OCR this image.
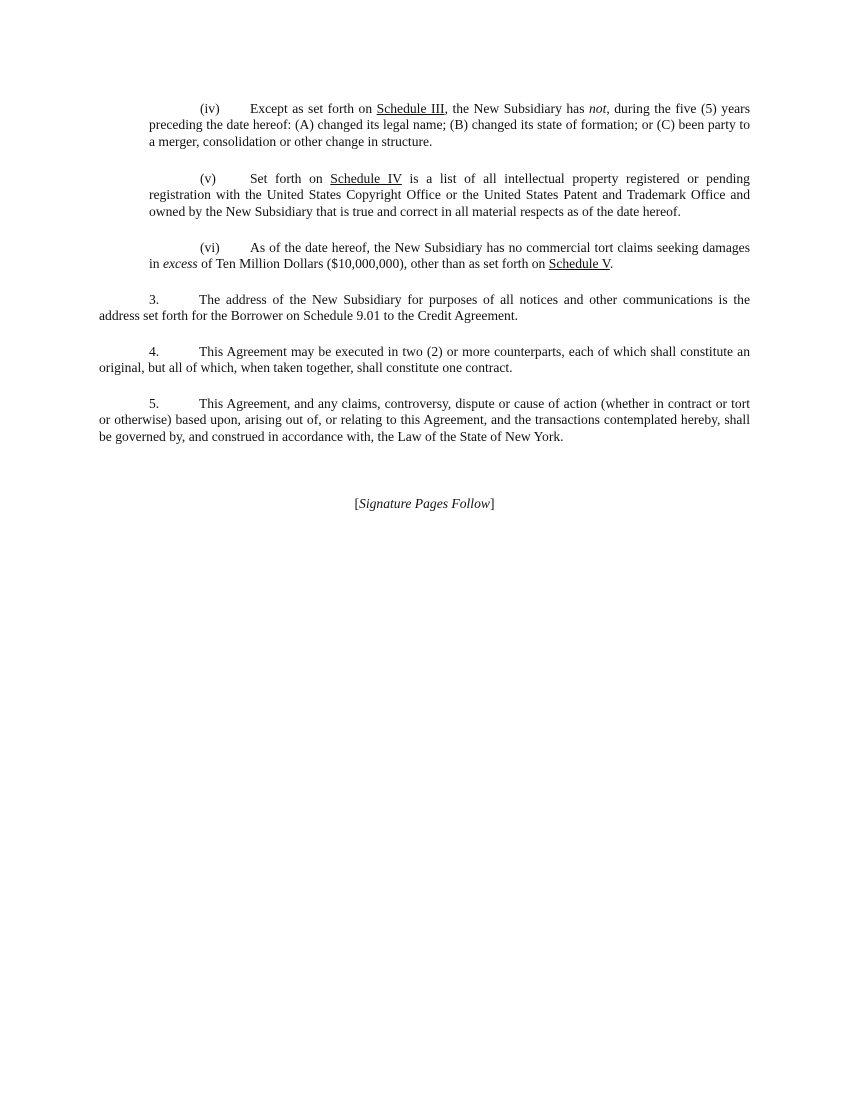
(iv) Except as set forth on Schedule III, the New Subsidiary has not, during the five (5) years preceding the date hereof: (A) changed its legal name; (B) changed its state of formation; or (C) been party to a merger, consolidation or other change in structure.

(v)	Set forth on Schedule IV is a list of all intellectual property registered or pending registration with the United States Copyright Office or the United States Patent and Trademark Office and owned by the New Subsidiary that is true and correct in all material respects as of the date hereof.

(vi) As of the date hereof, the New Subsidiary has no commercial tort claims seeking damages in excess of Ten Million Dollars ($10,000,000), other than as set forth on Schedule V.

3.	The address of the New Subsidiary for purposes of all notices and other communications is the address set forth for the Borrower on Schedule 9.01 to the Credit Agreement.

4.	This Agreement may be executed in two (2) or more counterparts, each of which shall constitute an original, but all of which, when taken together, shall constitute one contract.

5.	This Agreement, and any claims, controversy, dispute or cause of action (whether in contract or tort or otherwise) based upon, arising out of, or relating to this Agreement, and the transactions contemplated hereby, shall be governed by, and construed in accordance with, the Law of the State of New York.

[Signature Pages Follow]
